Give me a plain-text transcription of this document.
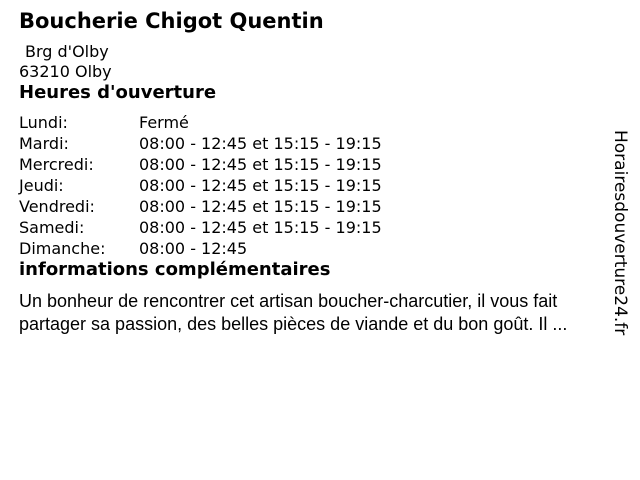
Boucherie Chigot Quentin
Brg d'Olby
63210 Olby
Heures d'ouverture
Lundi:	Fermé
Mardi:	08:00 - 12:45 et 15:15 - 19:15
Mercredi:	08:00 - 12:45 et 15:15 - 19:15
Jeudi:	08:00 - 12:45 et 15:15 - 19:15
Vendredi:	08:00 - 12:45 et 15:15 - 19:15
Samedi:	08:00 - 12:45 et 15:15 - 19:15
Dimanche:	08:00 - 12:45
informations complémentaires
Un bonheur de rencontrer cet artisan boucher-charcutier, il vous fait
partager sa passion, des belles pièces de viande et du bon goût. Il ...	Horairesdouverture24.fr
